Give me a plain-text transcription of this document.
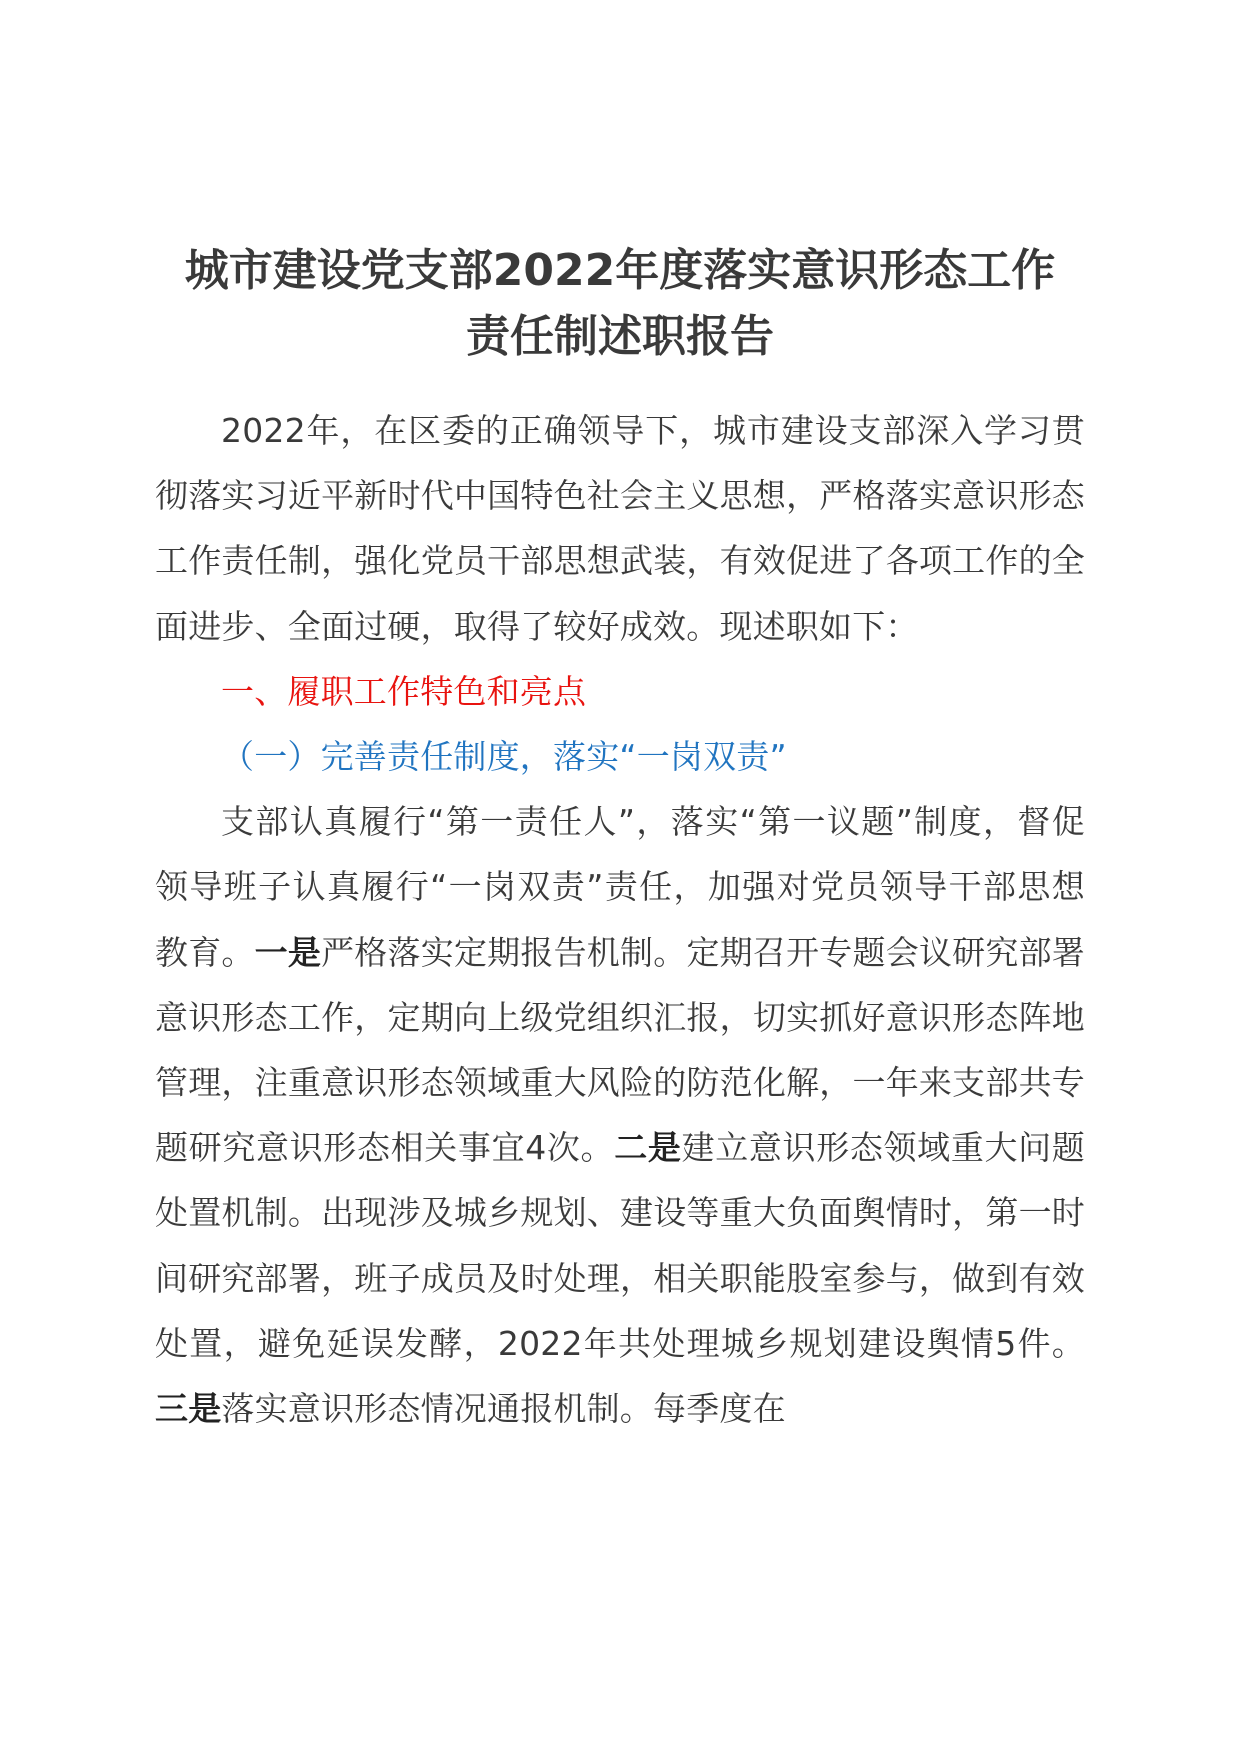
城市建设党支部2022年度落实意识形态工作
责任制述职报告

2022年，在区委的正确领导下，城市建设支部深入学习贯彻落实习近平新时代中国特色社会主义思想，严格落实意识形态工作责任制，强化党员干部思想武装，有效促进了各项工作的全面进步、全面过硬，取得了较好成效。现述职如下：

一、履职工作特色和亮点

（一）完善责任制度，落实“一岗双责”

支部认真履行“第一责任人”，落实“第一议题”制度，督促领导班子认真履行“一岗双责”责任，加强对党员领导干部思想教育。一是严格落实定期报告机制。定期召开专题会议研究部署意识形态工作，定期向上级党组织汇报，切实抓好意识形态阵地管理，注重意识形态领域重大风险的防范化解，一年来支部共专题研究意识形态相关事宜4次。二是建立意识形态领域重大问题处置机制。出现涉及城乡规划、建设等重大负面舆情时，第一时间研究部署，班子成员及时处理，相关职能股室参与，做到有效处置，避免延误发酵，2022年共处理城乡规划建设舆情5件。三是落实意识形态情况通报机制。每季度在
